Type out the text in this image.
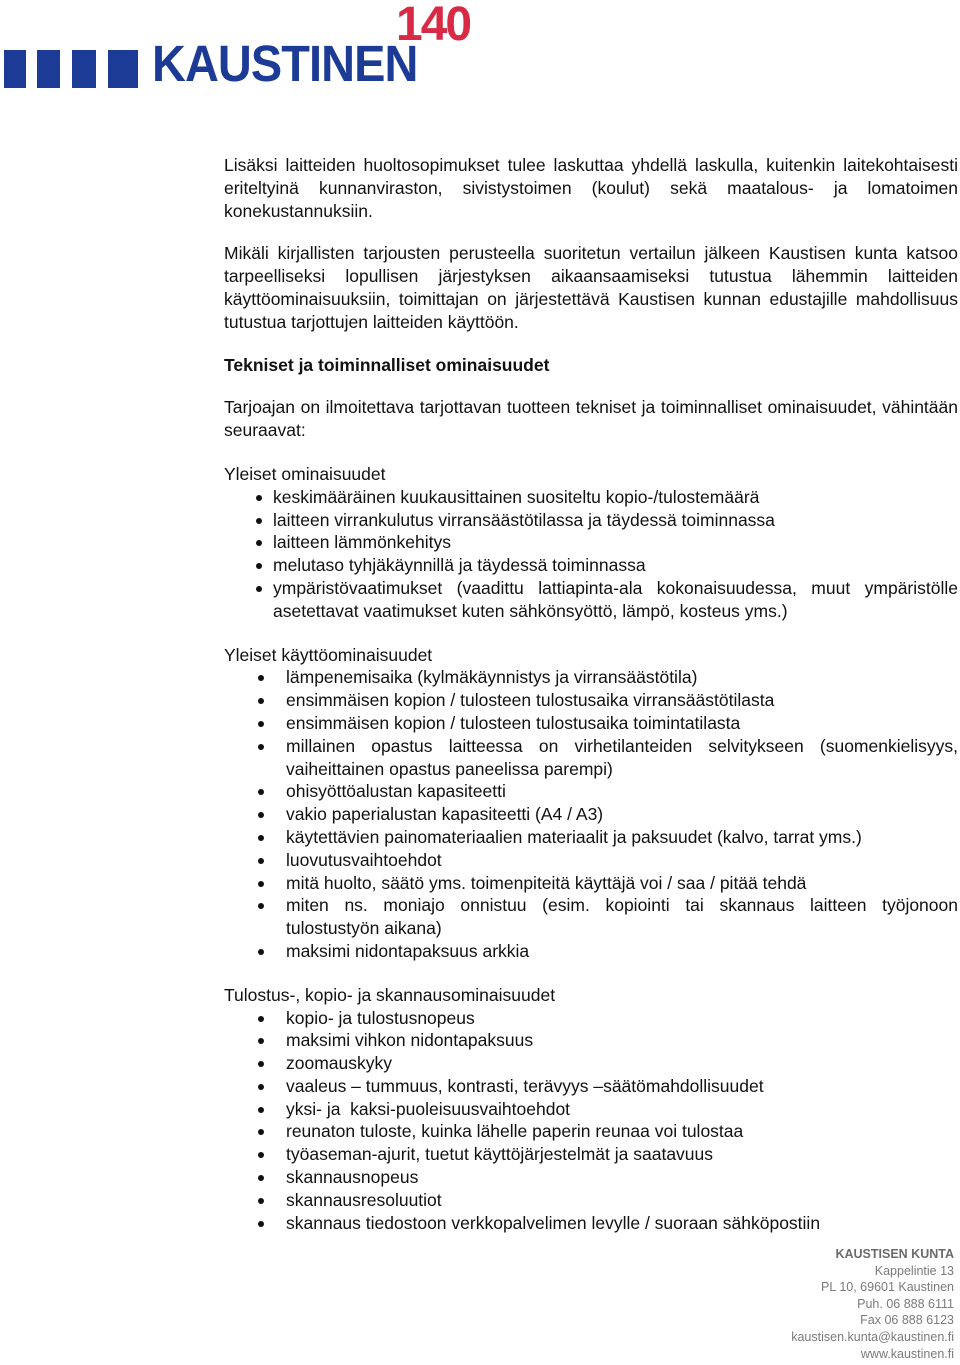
KAUSTINEN
140

Lisäksi laitteiden huoltosopimukset tulee laskuttaa yhdellä laskulla, kuitenkin laitekohtaisesti eriteltyinä kunnanviraston, sivistystoimen (koulut) sekä maatalous- ja lomatoimen konekustannuksiin.

Mikäli kirjallisten tarjousten perusteella suoritetun vertailun jälkeen Kaustisen kunta katsoo tarpeelliseksi lopullisen järjestyksen aikaansaamiseksi tutustua lähemmin laitteiden käyttöominaisuuksiin, toimittajan on järjestettävä Kaustisen kunnan edustajille mahdollisuus tutustua tarjottujen laitteiden käyttöön.

Tekniset ja toiminnalliset ominaisuudet
Tarjoajan on ilmoitettava tarjottavan tuotteen tekniset ja toiminnalliset ominaisuudet, vähintään seuraavat:
Yleiset ominaisuudet
keskimääräinen kuukausittainen suositeltu kopio-/tulostemäärä
laitteen virrankulutus virransäästötilassa ja täydessä toiminnassa
laitteen lämmönkehitys
melutaso tyhjäkäynnillä ja täydessä toiminnassa
ympäristövaatimukset (vaadittu lattiapinta-ala kokonaisuudessa, muut ympäristölle asetettavat vaatimukset kuten sähkönsyöttö, lämpö, kosteus yms.)
Yleiset käyttöominaisuudet
lämpenemisaika (kylmäkäynnistys ja virransäästötila)
ensimmäisen kopion / tulosteen tulostusaika virransäästötilasta
ensimmäisen kopion / tulosteen tulostusaika toimintatilasta
millainen opastus laitteessa on virhetilanteiden selvitykseen (suomenkielisyys, vaiheittainen opastus paneelissa parempi)
ohisyöttöalustan kapasiteetti
vakio paperialustan kapasiteetti (A4 / A3)
käytettävien painomateriaalien materiaalit ja paksuudet (kalvo, tarrat yms.)
luovutusvaihtoehdot
mitä huolto, säätö yms. toimenpiteitä käyttäjä voi / saa / pitää tehdä
miten ns. moniajo onnistuu (esim. kopiointi tai skannaus laitteen työjonoon tulostustyön aikana)
maksimi nidontapaksuus arkkia
Tulostus-, kopio- ja skannausominaisuudet
kopio- ja tulostusnopeus
maksimi vihkon nidontapaksuus
zoomauskyky
vaaleus – tummuus, kontrasti, terävyys –säätömahdollisuudet
yksi- ja  kaksi-puoleisuusvaihtoehdot
reunaton tuloste, kuinka lähelle paperin reunaa voi tulostaa
työaseman-ajurit, tuetut käyttöjärjestelmät ja saatavuus
skannausnopeus
skannausresoluutiot
skannaus tiedostoon verkkopalvelimen levylle / suoraan sähköpostiin
KAUSTISEN KUNTA
Kappelintie 13
PL 10, 69601 Kaustinen
Puh. 06 888 6111
Fax 06 888 6123
kaustisen.kunta@kaustinen.fi
www.kaustinen.fi
